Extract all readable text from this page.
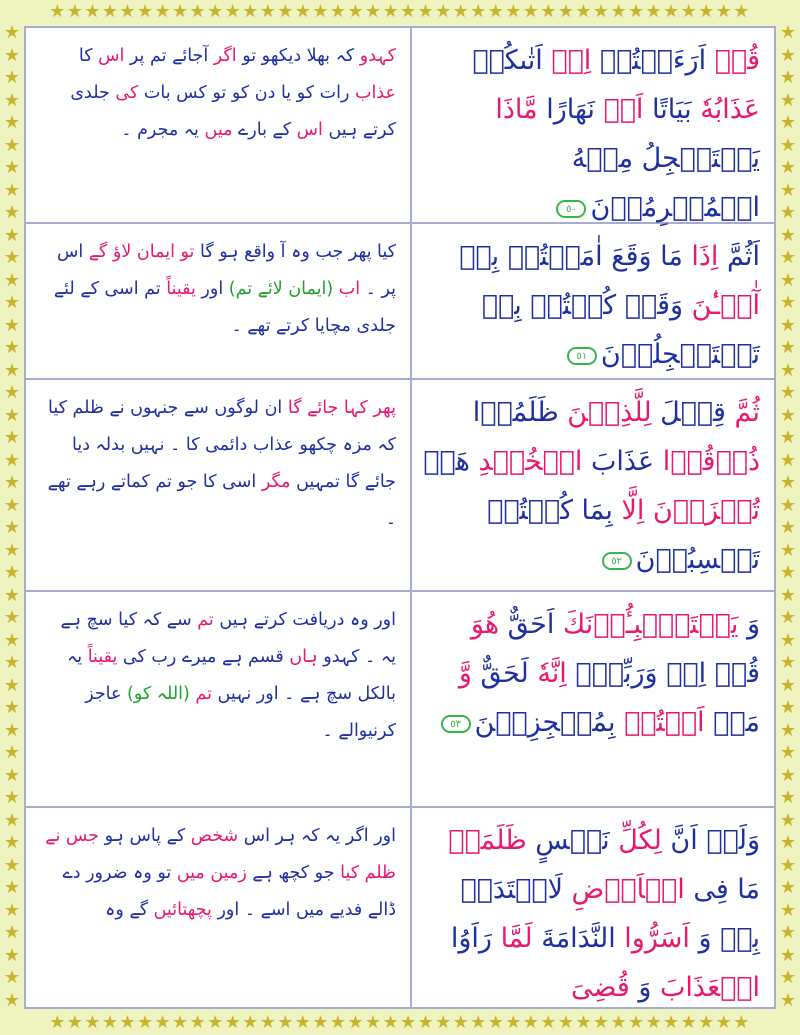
★★★★★★★★★★★★★★★★★★★★★★★★★★★★★★★★★★★★★★★★
★★★★★★★★★★★★★★★★★★★★★★★★★★★★★★★★★★★★★★★★
★★★★★★★★★★★★★★★★★★★★★★★★★★★★★★★★★★★★★★★★★★★★
★★★★★★★★★★★★★★★★★★★★★★★★★★★★★★★★★★★★★★★★★★★★
قُلۡ اَرَءَيۡتُمۡ اِنۡ اَتٰىكُمۡ عَذَابُهٗ بَيَاتًا اَوۡ نَهَارًا مَّاذَا يَسۡتَعۡجِلُ مِنۡهُ الۡمُجۡرِمُوۡنَ٥٠
کہدو کہ بھلا دیکھو تو اگر آجائے تم پر اس کا عذاب رات کو یا دن کو تو کس بات کی جلدی کرتے ہیں اس کے بارے میں یہ مجرم ۔
اَثُمَّ اِذَا مَا وَقَعَ اٰمَنۡتُمۡ بِهٖ آٰلۡـٰٔنَ وَقَدۡ كُنۡتُمۡ بِهٖ تَسۡتَعۡجِلُوۡنَ٥١
کیا پھر جب وہ آ واقع ہو گا تو ایمان لاؤ گے اس پر ۔ اب (ایمان لائے تم) اور یقیناً تم اسی کے لئے جلدی مچایا کرتے تھے ۔
ثُمَّ قِيۡلَ لِلَّذِيۡنَ ظَلَمُوۡا ذُوۡقُوۡا عَذَابَ الۡخُلۡدِ هَلۡ تُجۡزَوۡنَ اِلَّا بِمَا كُنۡتُمۡ تَكۡسِبُوۡنَ٥٢
پھر کہا جائے گا ان لوگوں سے جنہوں نے ظلم کیا کہ مزہ چکھو عذاب دائمی کا ۔ نہیں بدلہ دیا جائے گا تمہیں مگر اسی کا جو تم کماتے رہے تھے ۔
وَ يَسۡتَنۡۢبِـُٔوۡنَكَ اَحَقٌّ هُوَ قُلۡ اِىۡ وَرَبِّىۡۤ اِنَّهٗ لَحَقٌّ وَّ مَاۤ اَنۡتُمۡ بِمُعۡجِزِيۡنَ٥٣
اور وہ دریافت کرتے ہیں تم سے کہ کیا سچ ہے یہ ۔ کہدو ہاں قسم ہے میرے رب کی یقیناً یہ بالکل سچ ہے ۔ اور نہیں تم (اللہ کو) عاجز کرنیوالے ۔
وَلَوۡ اَنَّ لِكُلِّ نَفۡسٍ ظَلَمَتۡ مَا فِى الۡاَرۡضِ لَافۡتَدَتۡ بِهٖ وَ اَسَرُّوا النَّدَامَةَ لَمَّا رَاَوُا الۡعَذَابَ وَ قُضِىَ
اور اگر یہ کہ ہر اس شخص کے پاس ہو جس نے ظلم کیا جو کچھ ہے زمین میں تو وہ ضرور دے ڈالے فدیے میں اسے ۔ اور پچھتائیں گے وہ
